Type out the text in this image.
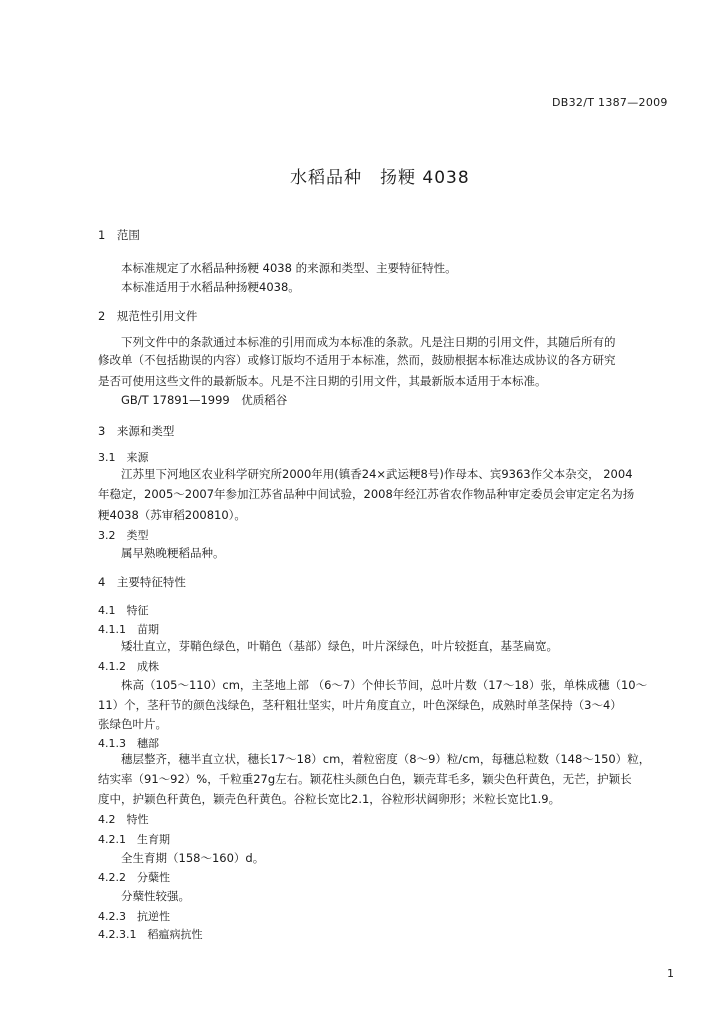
DB32/T 1387—2009
水稻品种　扬粳 4038
1　范围
本标准规定了水稻品种扬粳 4038 的来源和类型、主要特征特性。
本标准适用于水稻品种扬粳4038。
2　规范性引用文件
下列文件中的条款通过本标准的引用而成为本标准的条款。凡是注日期的引用文件，其随后所有的
修改单（不包括勘误的内容）或修订版均不适用于本标准，然而，鼓励根据本标准达成协议的各方研究
是否可使用这些文件的最新版本。凡是不注日期的引用文件，其最新版本适用于本标准。
GB/T 17891—1999　优质稻谷
3　来源和类型
3.1　来源
江苏里下河地区农业科学研究所2000年用(镇香24×武运粳8号)作母本、宾9363作父本杂交， 2004
年稳定，2005～2007年参加江苏省品种中间试验，2008年经江苏省农作物品种审定委员会审定定名为扬
粳4038（苏审稻200810）。
3.2　类型
属早熟晚粳稻品种。
4　主要特征特性
4.1　特征
4.1.1　苗期
矮壮直立，芽鞘色绿色，叶鞘色（基部）绿色，叶片深绿色，叶片较挺直，基茎扁宽。
4.1.2　成株
株高（105～110）cm，主茎地上部 （6～7）个伸长节间，总叶片数（17～18）张，单株成穗（10～
11）个，茎秆节的颜色浅绿色，茎秆粗壮坚实，叶片角度直立，叶色深绿色，成熟时单茎保持（3～4）
张绿色叶片。
4.1.3　穗部
穗层整齐，穗半直立状，穗长17～18）cm，着粒密度（8～9）粒/cm，每穗总粒数（148～150）粒，
结实率（91～92）%，千粒重27g左右。颖花柱头颜色白色，颖壳茸毛多，颖尖色秆黄色，无芒，护颖长
度中，护颖色秆黄色，颖壳色秆黄色。谷粒长宽比2.1，谷粒形状阔卵形；米粒长宽比1.9。
4.2　特性
4.2.1　生育期
全生育期（158～160）d。
4.2.2　分蘖性
分蘖性较强。
4.2.3　抗逆性
4.2.3.1　稻瘟病抗性
1
